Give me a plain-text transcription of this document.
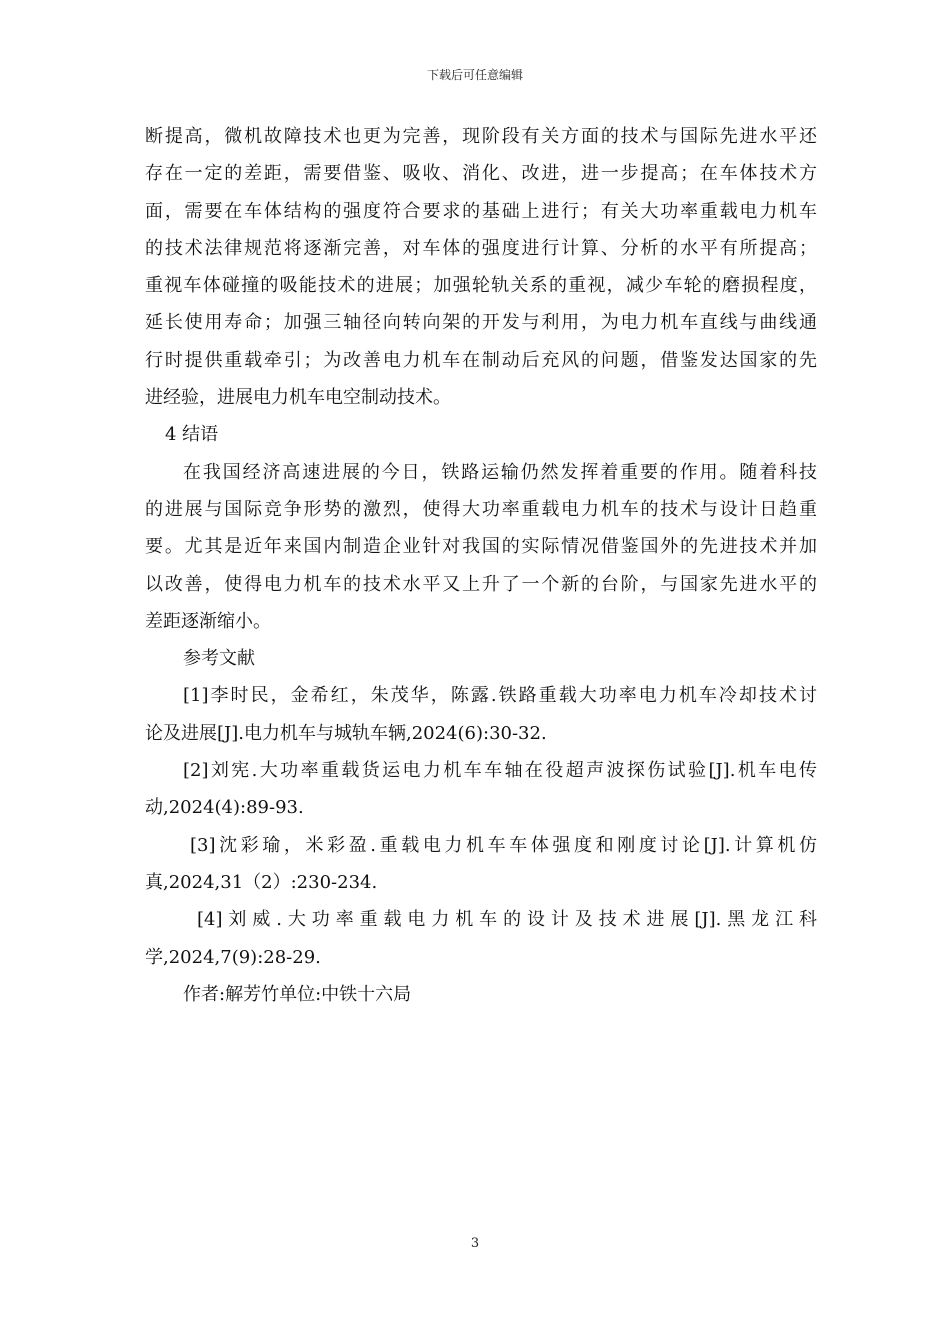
下载后可任意编辑
断提高，微机故障技术也更为完善，现阶段有关方面的技术与国际先进水平还
存在一定的差距，需要借鉴、吸收、消化、改进，进一步提高；在车体技术方
面，需要在车体结构的强度符合要求的基础上进行；有关大功率重载电力机车
的技术法律规范将逐渐完善，对车体的强度进行计算、分析的水平有所提高；
重视车体碰撞的吸能技术的进展；加强轮轨关系的重视，减少车轮的磨损程度，
延长使用寿命；加强三轴径向转向架的开发与利用，为电力机车直线与曲线通
行时提供重载牵引；为改善电力机车在制动后充风的问题，借鉴发达国家的先
进经验，进展电力机车电空制动技术。
4 结语
在我国经济高速进展的今日，铁路运输仍然发挥着重要的作用。随着科技
的进展与国际竞争形势的激烈，使得大功率重载电力机车的技术与设计日趋重
要。尤其是近年来国内制造企业针对我国的实际情况借鉴国外的先进技术并加
以改善，使得电力机车的技术水平又上升了一个新的台阶，与国家先进水平的
差距逐渐缩小。
参考文献
[1]李时民，金希红，朱茂华，陈露.铁路重载大功率电力机车冷却技术讨
论及进展[J].电力机车与城轨车辆,2024(6):30-32.
[2]刘宪.大功率重载货运电力机车车轴在役超声波探伤试验[J].机车电传
动,2024(4):89-93.
[3]沈彩瑜，米彩盈.重载电力机车车体强度和刚度讨论[J].计算机仿
真,2024,31（2）:230-234.
[4]刘威.大功率重载电力机车的设计及技术进展[J].黑龙江科
学,2024,7(9):28-29.
作者:解芳竹单位:中铁十六局
3
